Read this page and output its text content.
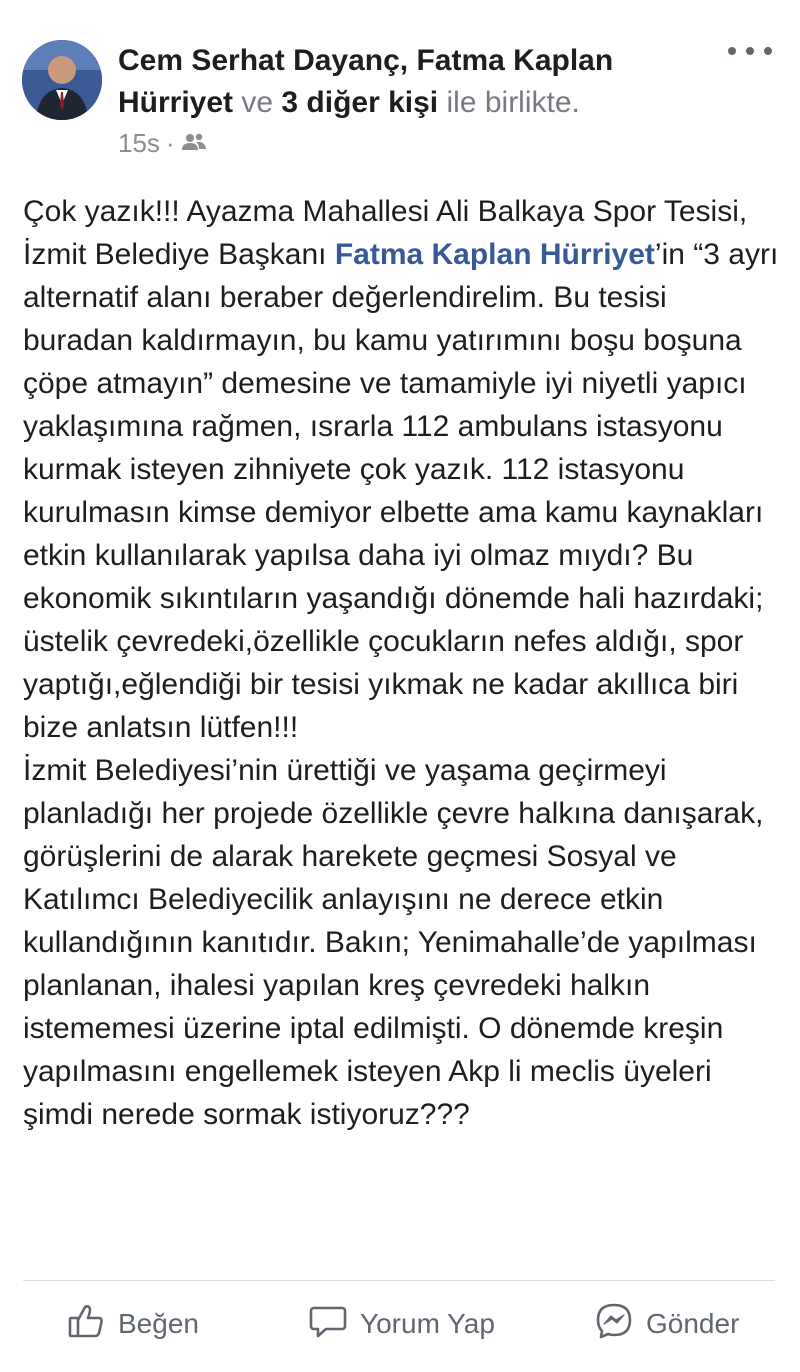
Cem Serhat Dayanç, Fatma Kaplan Hürriyet ve 3 diğer kişi ile birlikte.
15s ·
Çok yazık!!! Ayazma Mahallesi Ali Balkaya Spor Tesisi, İzmit Belediye Başkanı Fatma Kaplan Hürriyet’in “3 ayrı alternatif alanı beraber değerlendirelim. Bu tesisi buradan kaldırmayın, bu kamu yatırımını boşu boşuna çöpe atmayın” demesine ve tamamiyle iyi niyetli yapıcı yaklaşımına rağmen, ısrarla 112 ambulans istasyonu kurmak isteyen zihniyete çok yazık. 112 istasyonu kurulmasın kimse demiyor elbette ama kamu kaynakları etkin kullanılarak yapılsa daha iyi olmaz mıydı? Bu ekonomik sıkıntıların yaşandığı dönemde hali hazırdaki; üstelik çevredeki,özellikle çocukların nefes aldığı, spor yaptığı,eğlendiği bir tesisi yıkmak ne kadar akıllıca biri bize anlatsın lütfen!!!
İzmit Belediyesi’nin ürettiği ve yaşama geçirmeyi planladığı her projede özellikle çevre halkına danışarak, görüşlerini de alarak harekete geçmesi Sosyal ve Katılımcı Belediyecilik anlayışını ne derece etkin kullandığının kanıtıdır. Bakın; Yenimahalle’de yapılması planlanan, ihalesi yapılan kreş çevredeki halkın istememesi üzerine iptal edilmişti. O dönemde kreşin yapılmasını engellemek isteyen Akp li meclis üyeleri şimdi nerede sormak istiyoruz???
Beğen	Yorum Yap	Gönder
